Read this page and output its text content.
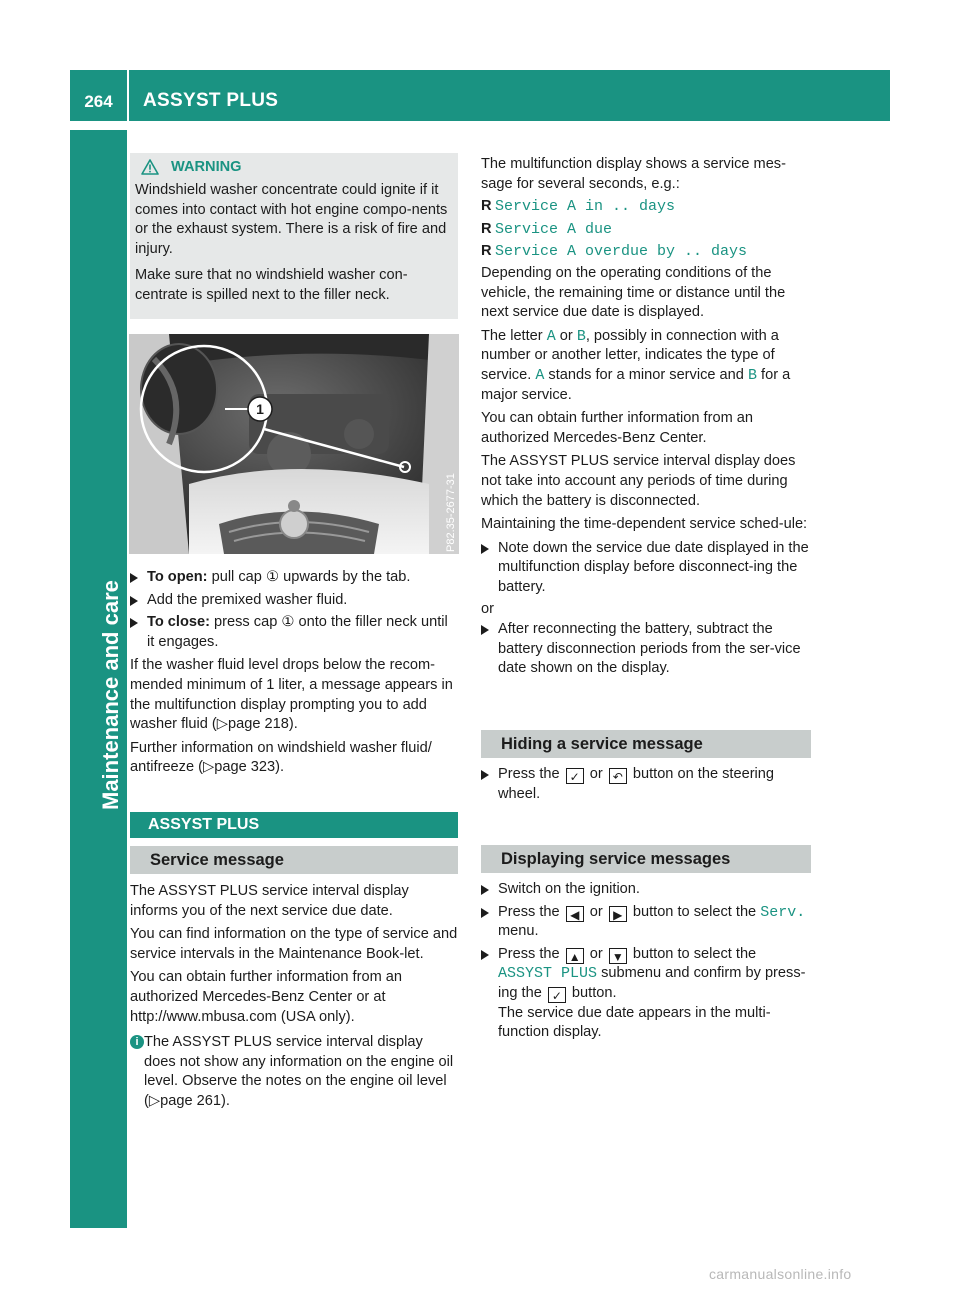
264	ASSYST PLUS
Maintenance and care
WARNING

Windshield washer concentrate could ignite if it comes into contact with hot engine compo-nents or the exhaust system. There is a risk of fire and injury.

Make sure that no windshield washer con-centrate is spilled next to the filler neck.

1
P82.35-2677-31
To open: pull cap ① upwards by the tab.
Add the premixed washer fluid.
To close: press cap ① onto the filler neck until it engages.

If the washer fluid level drops below the recom-mended minimum of 1 liter, a message appears in the multifunction display prompting you to add washer fluid (▷page 218).

Further information on windshield washer fluid/ antifreeze (▷page 323).

ASSYST PLUS
Service message

The ASSYST PLUS service interval display informs you of the next service due date.

You can find information on the type of service and service intervals in the Maintenance Book-let.

You can obtain further information from an authorized Mercedes-Benz Center or at http://www.mbusa.com (USA only).

i The ASSYST PLUS service interval display does not show any information on the engine oil level. Observe the notes on the engine oil level (▷page 261).

The multifunction display shows a service mes-sage for several seconds, e.g.:

R Service A in .. days
R Service A due
R Service A overdue by .. days

Depending on the operating conditions of the vehicle, the remaining time or distance until the next service due date is displayed.

The letter A or B, possibly in connection with a number or another letter, indicates the type of service. A stands for a minor service and B for a major service.

You can obtain further information from an authorized Mercedes-Benz Center.

The ASSYST PLUS service interval display does not take into account any periods of time during which the battery is disconnected.

Maintaining the time-dependent service sched-ule:

Note down the service due date displayed in the multifunction display before disconnect-ing the battery.

or

After reconnecting the battery, subtract the battery disconnection periods from the ser-vice date shown on the display.
Hiding a service message
Press the ✓ or ↶ button on the steering wheel.
Displaying service messages
Switch on the ignition.
Press the ◀ or ▶ button to select the Serv. menu.
Press the ▲ or ▼ button to select the ASSYST PLUS submenu and confirm by press-ing the ✓ button.
The service due date appears in the multi-function display.
carmanualsonline.info
